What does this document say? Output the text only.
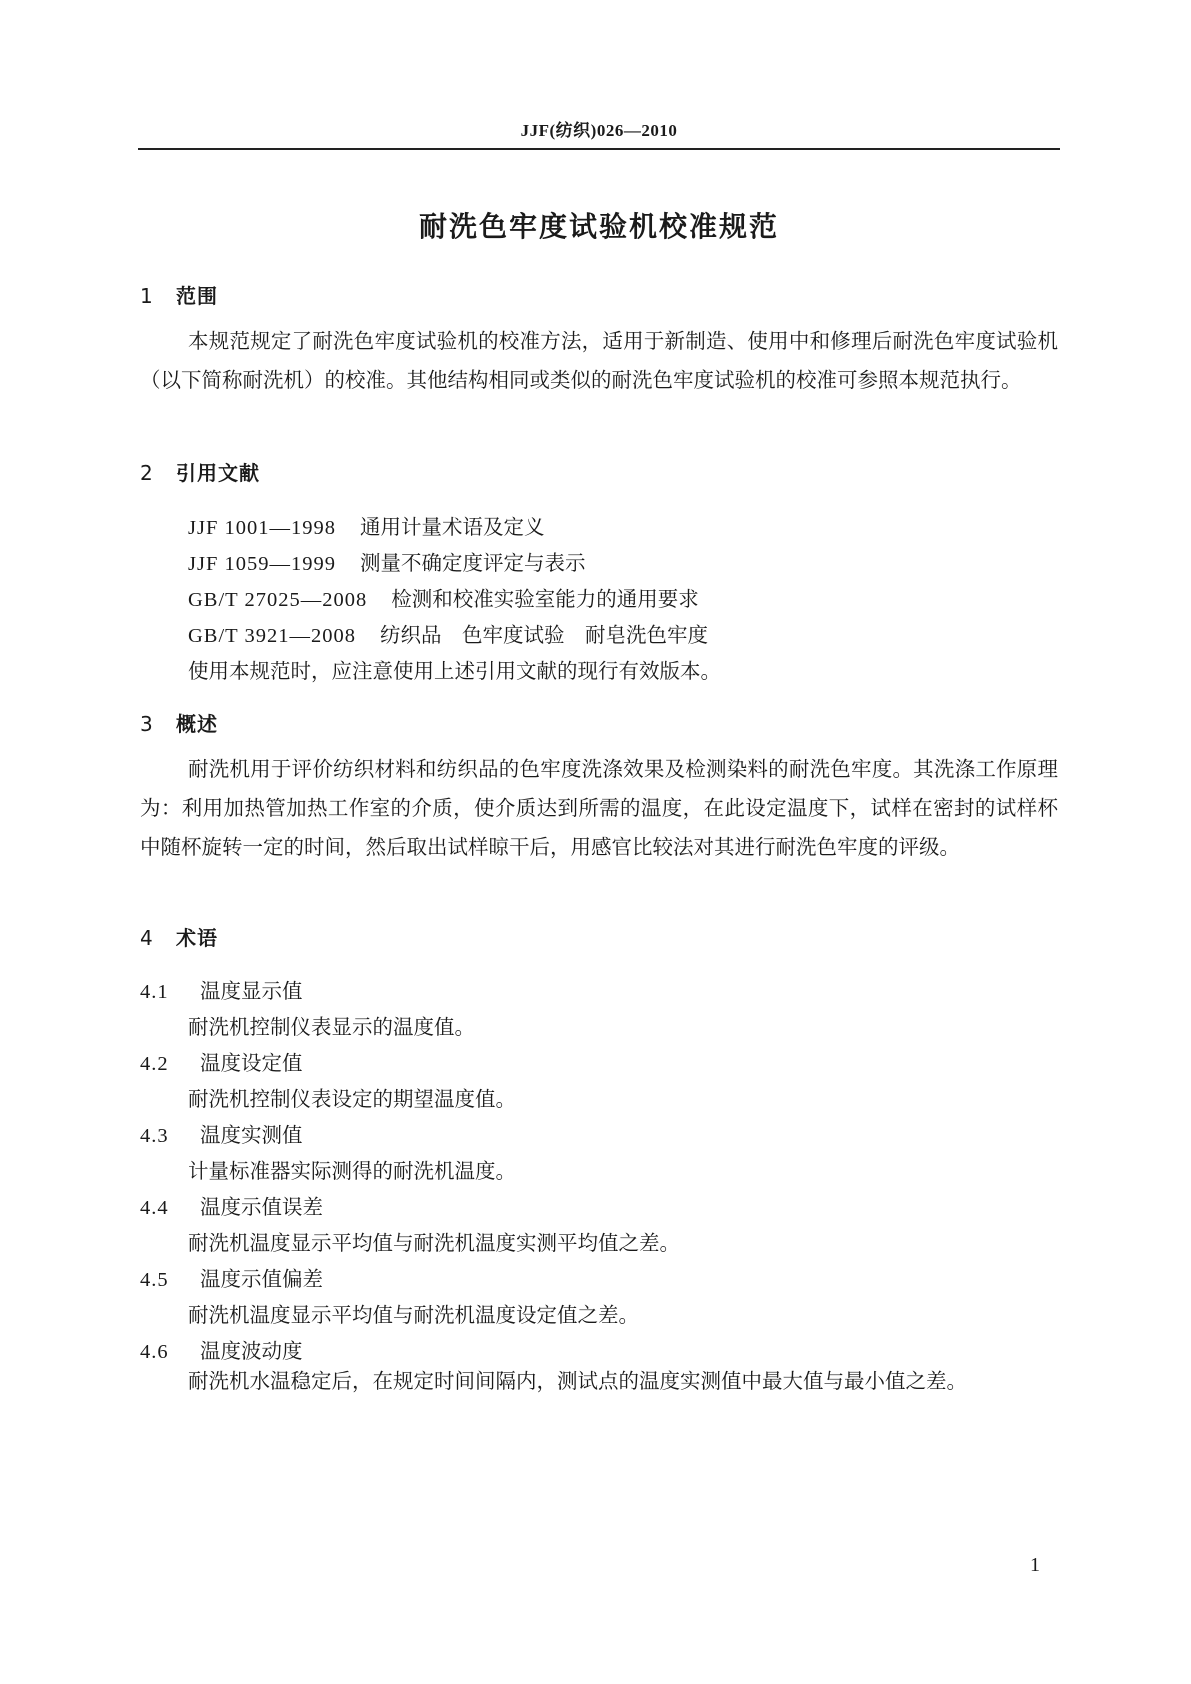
JJF(纺织)026—2010
耐洗色牢度试验机校准规范
1 范围

本规范规定了耐洗色牢度试验机的校准方法，适用于新制造、使用中和修理后耐洗色牢度试验机（以下简称耐洗机）的校准。其他结构相同或类似的耐洗色牢度试验机的校准可参照本规范执行。

2 引用文献
JJF 1001—1998 通用计量术语及定义
JJF 1059—1999 测量不确定度评定与表示
GB/T 27025—2008 检测和校准实验室能力的通用要求
GB/T 3921—2008 纺织品　色牢度试验　耐皂洗色牢度
使用本规范时，应注意使用上述引用文献的现行有效版本。
3 概述

耐洗机用于评价纺织材料和纺织品的色牢度洗涤效果及检测染料的耐洗色牢度。其洗涤工作原理为：利用加热管加热工作室的介质，使介质达到所需的温度，在此设定温度下，试样在密封的试样杯中随杯旋转一定的时间，然后取出试样晾干后，用感官比较法对其进行耐洗色牢度的评级。

4 术语
4.1 温度显示值
耐洗机控制仪表显示的温度值。
4.2 温度设定值
耐洗机控制仪表设定的期望温度值。
4.3 温度实测值
计量标准器实际测得的耐洗机温度。
4.4 温度示值误差
耐洗机温度显示平均值与耐洗机温度实测平均值之差。
4.5 温度示值偏差
耐洗机温度显示平均值与耐洗机温度设定值之差。
4.6 温度波动度

耐洗机水温稳定后，在规定时间间隔内，测试点的温度实测值中最大值与最小值之差。

1
